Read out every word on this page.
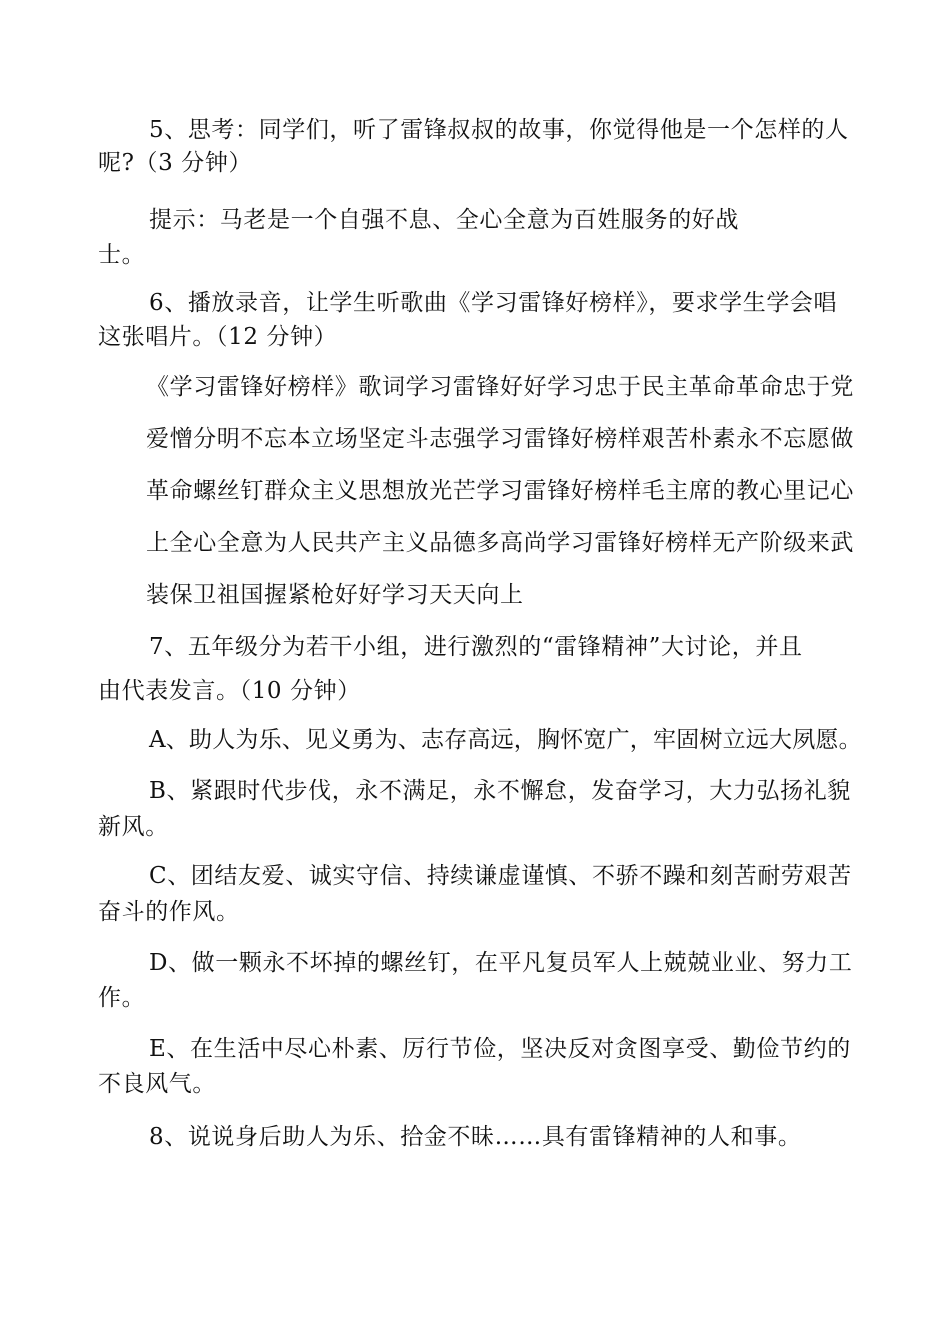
5、思考：同学们，听了雷锋叔叔的故事，你觉得他是一个怎样的人
呢?（3 分钟）
提示：马老是一个自强不息、全心全意为百姓服务的好战
士。
6、播放录音，让学生听歌曲《学习雷锋好榜样》，要求学生学会唱
这张唱片。（12 分钟）
《学习雷锋好榜样》歌词学习雷锋好好学习忠于民主革命革命忠于党
爱憎分明不忘本立场坚定斗志强学习雷锋好榜样艰苦朴素永不忘愿做
革命螺丝钉群众主义思想放光芒学习雷锋好榜样毛主席的教心里记心
上全心全意为人民共产主义品德多高尚学习雷锋好榜样无产阶级来武
装保卫祖国握紧枪好好学习天天向上
7、五年级分为若干小组，进行激烈的“雷锋精神”大讨论，并且
由代表发言。（10 分钟）
A、助人为乐、见义勇为、志存高远，胸怀宽广，牢固树立远大夙愿。
B、紧跟时代步伐，永不满足，永不懈怠，发奋学习，大力弘扬礼貌
新风。
C、团结友爱、诚实守信、持续谦虚谨慎、不骄不躁和刻苦耐劳艰苦
奋斗的作风。
D、做一颗永不坏掉的螺丝钉，在平凡复员军人上兢兢业业、努力工
作。
E、在生活中尽心朴素、厉行节俭，坚决反对贪图享受、勤俭节约的
不良风气。
8、说说身后助人为乐、拾金不昧……具有雷锋精神的人和事。
